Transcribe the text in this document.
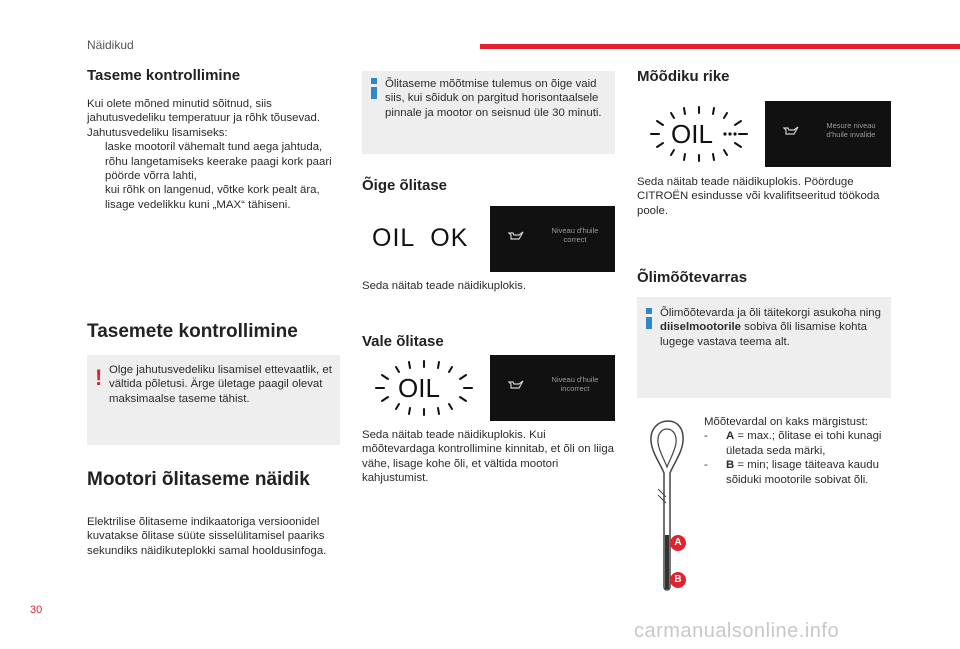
Näidikud
Taseme kontrollimine
Kui olete mõned minutid sõitnud, siis jahutusvedeliku temperatuur ja rõhk tõusevad. Jahutusvedeliku lisamiseks:
laske mootoril vähemalt tund aega jahtuda,
rõhu langetamiseks keerake paagi kork paari pöörde võrra lahti,
kui rõhk on langenud, võtke kork pealt ära,
lisage vedelikku kuni „MAX“ tähiseni.
Tasemete kontrollimine
! Olge jahutusvedeliku lisamisel ettevaatlik, et vältida põletusi. Ärge ületage paagil olevat maksimaalse taseme tähist.
Mootori õlitaseme näidik
Elektrilise õlitaseme indikaatoriga versioonidel kuvatakse õlitase süüte sisselülitamisel paariks sekundiks näidikuteplokki samal hooldusinfoga.
Õlitaseme mõõtmise tulemus on õige vaid siis, kui sõiduk on pargitud horisontaalsele pinnale ja mootor on seisnud üle 30 minuti.
Õige õlitase
OIL  OK	Niveau d'huile correct
Seda näitab teade näidikuplokis.
Vale õlitase
OIL	Niveau d'huile incorrect
Seda näitab teade näidikuplokis. Kui mõõtevardaga kontrollimine kinnitab, et õli on liiga vähe, lisage kohe õli, et vältida mootori kahjustumist.
Mõõdiku rike
OIL	Mesure niveau d'huile invalide
Seda näitab teade näidikuplokis. Pöörduge CITROËN esindusse või kvalifitseeritud töökoda poole.
Õlimõõtevarras
Õlimõõtevarda ja õli täitekorgi asukoha ning diiselmootorile sobiva õli lisamise kohta lugege vastava teema alt.
A
B
Mõõtevardal on kaks märgistust:
- A = max.; õlitase ei tohi kunagi ületada seda märki,
- B = min; lisage täiteava kaudu sõiduki mootorile sobivat õli.
30
carmanualsonline.info
